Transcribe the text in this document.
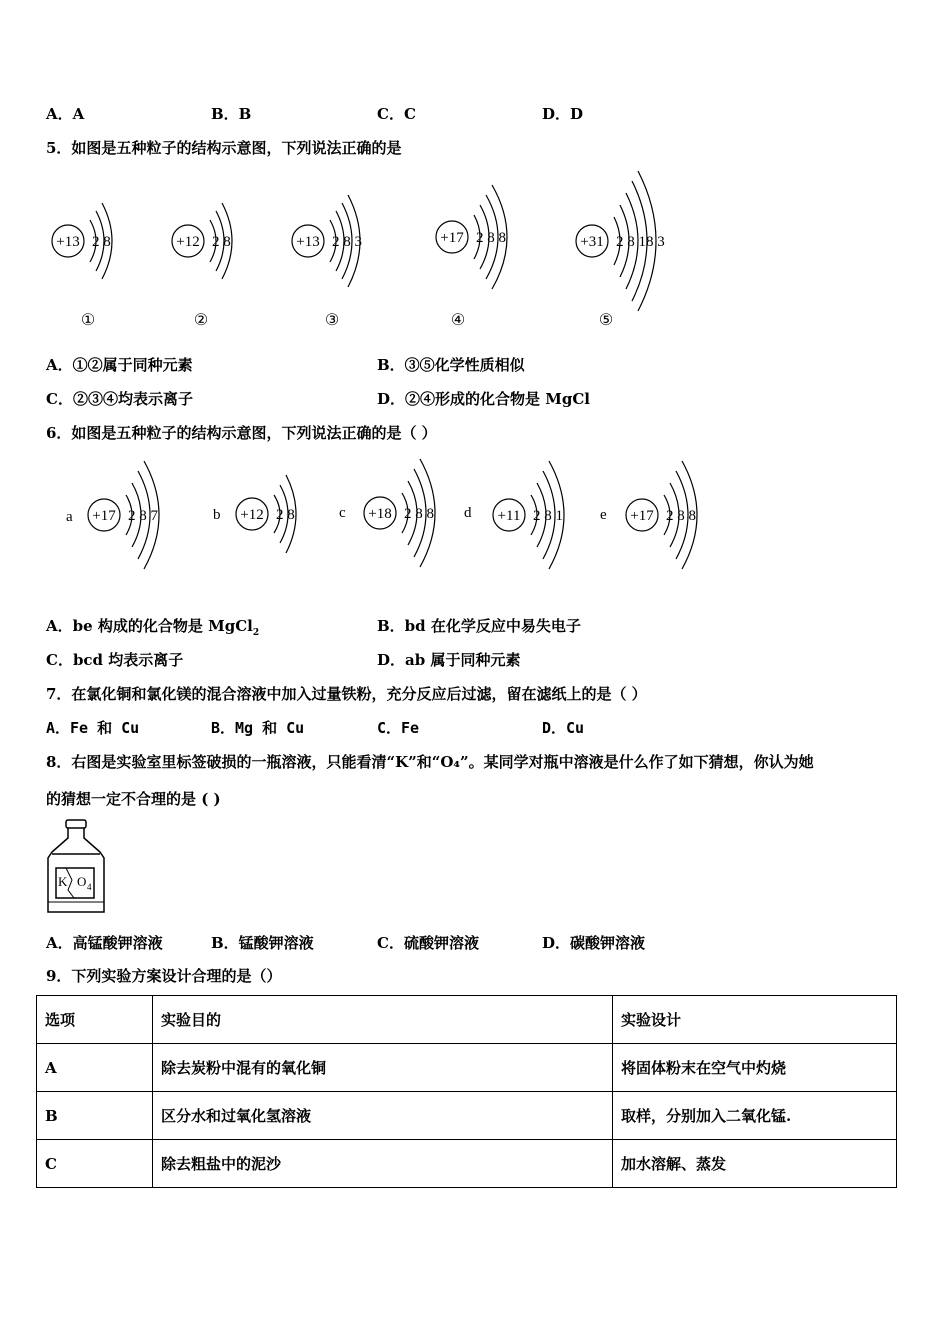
A．A	B．B	C．C	D．D
5．如图是五种粒子的结构示意图，下列说法正确的是
+13 2 8	+12 2 8	+13 2 8 3	+17 2 8 8	+31 2 8 18 3
①	②	③	④	⑤
A．①②属于同种元素	B．③⑤化学性质相似
C．②③④均表示离子	D．②④形成的化合物是 MgCl
6．如图是五种粒子的结构示意图，下列说法正确的是（ ）
a +17 2 8 7	b +12 2 8	c +18 2 8 8 d +11 2 8 1 e +17 2 8 8
A．be 构成的化合物是 MgCl$_2$	B．bd 在化学反应中易失电子
C．bcd 均表示离子	D．ab 属于同种元素
7．在氯化铜和氯化镁的混合溶液中加入过量铁粉，充分反应后过滤，留在滤纸上的是（ ）
A．Fe 和 Cu	B．Mg 和 Cu	C．Fe	D．Cu
8．右图是实验室里标签破损的一瓶溶液，只能看清“K”和“O₄”。某同学对瓶中溶液是什么作了如下猜想，你认为她
的猜想一定不合理的是 ( )
K O 4
A．高锰酸钾溶液	B．锰酸钾溶液	C．硫酸钾溶液	D．碳酸钾溶液
9．下列实验方案设计合理的是（）
选项	实验目的	实验设计
A	除去炭粉中混有的氧化铜	将固体粉末在空气中灼烧
B	区分水和过氧化氢溶液	取样，分别加入二氧化锰.
C	除去粗盐中的泥沙	加水溶解、蒸发
